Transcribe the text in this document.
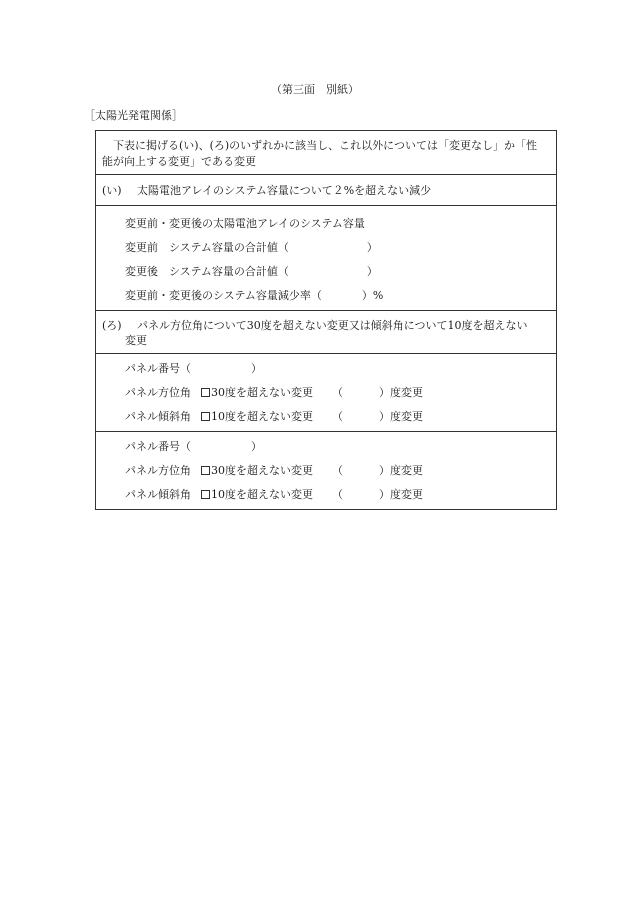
（第三面　別紙）
［太陽光発電関係］
下表に掲げる(い)、(ろ)のいずれかに該当し、これ以外については「変更なし」か「性
能が向上する変更」である変更
(い) 太陽電池アレイのシステム容量について２%を超えない減少
変更前・変更後の太陽電池アレイのシステム容量
変更前　システム容量の合計値（	）
変更後　システム容量の合計値（	）
変更前・変更後のシステム容量減少率（	）%
(ろ) パネル方位角について30度を超えない変更又は傾斜角について10度を超えない
変更
パネル番号（	）
パネル方位角 30度を超えない変更 （	）度変更
パネル傾斜角 10度を超えない変更 （	）度変更
パネル番号（	）
パネル方位角 30度を超えない変更 （	）度変更
パネル傾斜角 10度を超えない変更 （	）度変更
